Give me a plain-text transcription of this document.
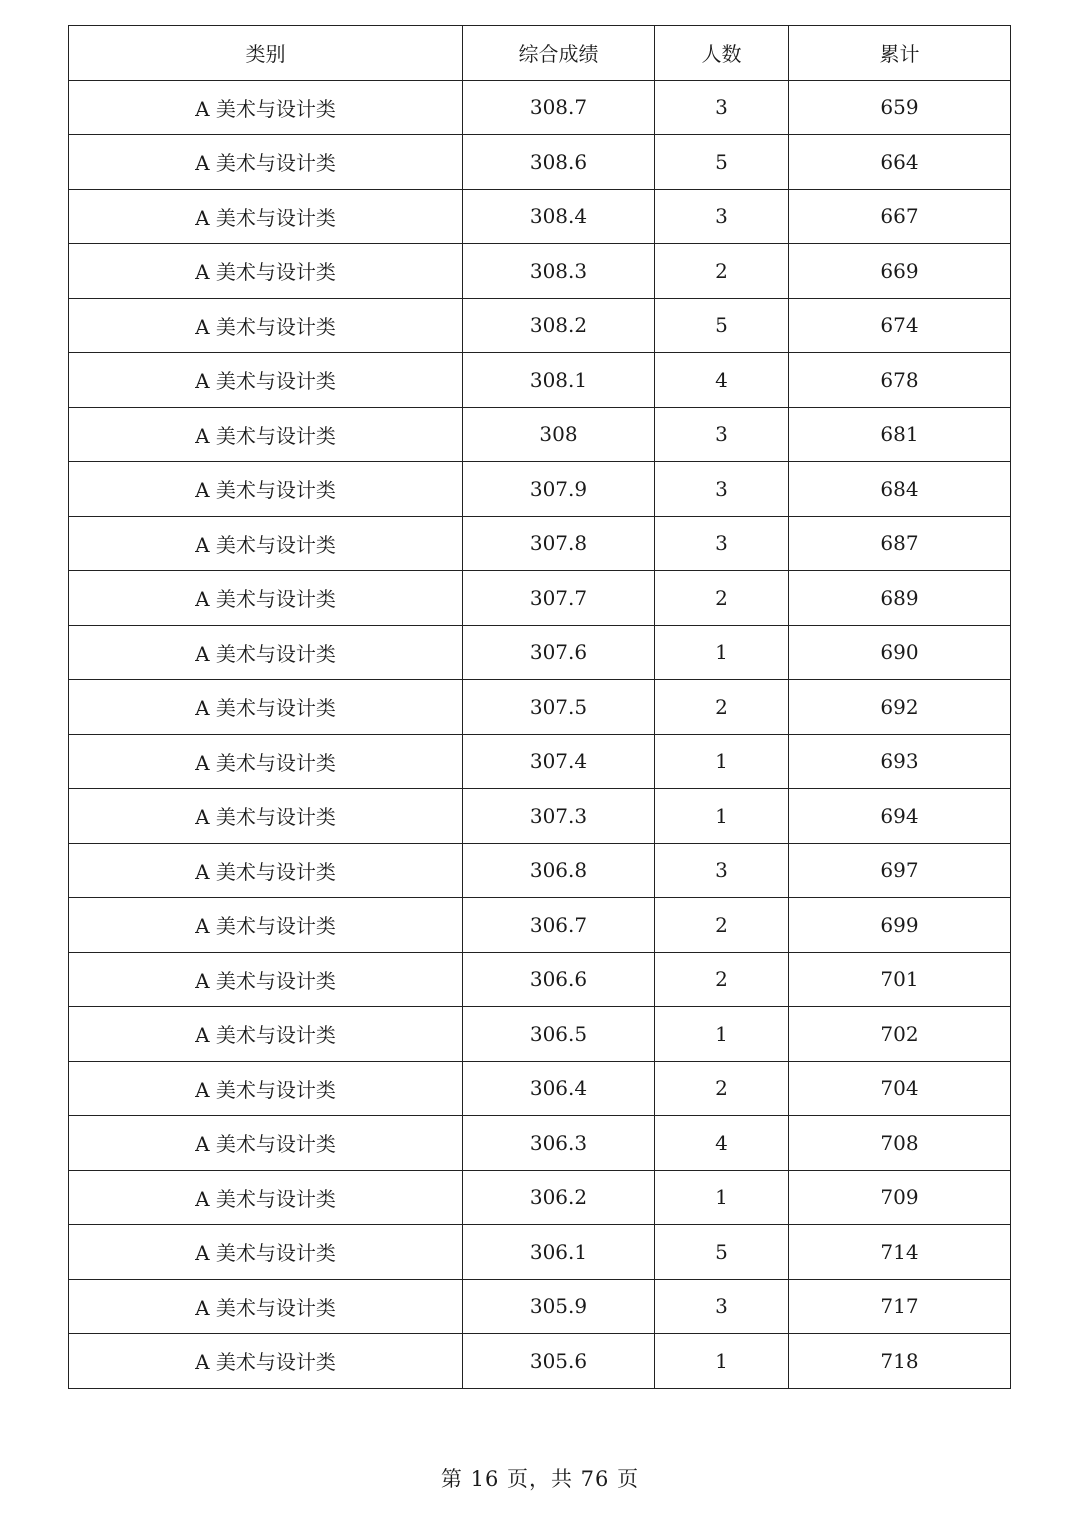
类别	综合成绩	人数	累计
A 美术与设计类	308.7	3	659
A 美术与设计类	308.6	5	664
A 美术与设计类	308.4	3	667
A 美术与设计类	308.3	2	669
A 美术与设计类	308.2	5	674
A 美术与设计类	308.1	4	678
A 美术与设计类	308	3	681
A 美术与设计类	307.9	3	684
A 美术与设计类	307.8	3	687
A 美术与设计类	307.7	2	689
A 美术与设计类	307.6	1	690
A 美术与设计类	307.5	2	692
A 美术与设计类	307.4	1	693
A 美术与设计类	307.3	1	694
A 美术与设计类	306.8	3	697
A 美术与设计类	306.7	2	699
A 美术与设计类	306.6	2	701
A 美术与设计类	306.5	1	702
A 美术与设计类	306.4	2	704
A 美术与设计类	306.3	4	708
A 美术与设计类	306.2	1	709
A 美术与设计类	306.1	5	714
A 美术与设计类	305.9	3	717
A 美术与设计类	305.6	1	718
第 16 页，共 76 页
